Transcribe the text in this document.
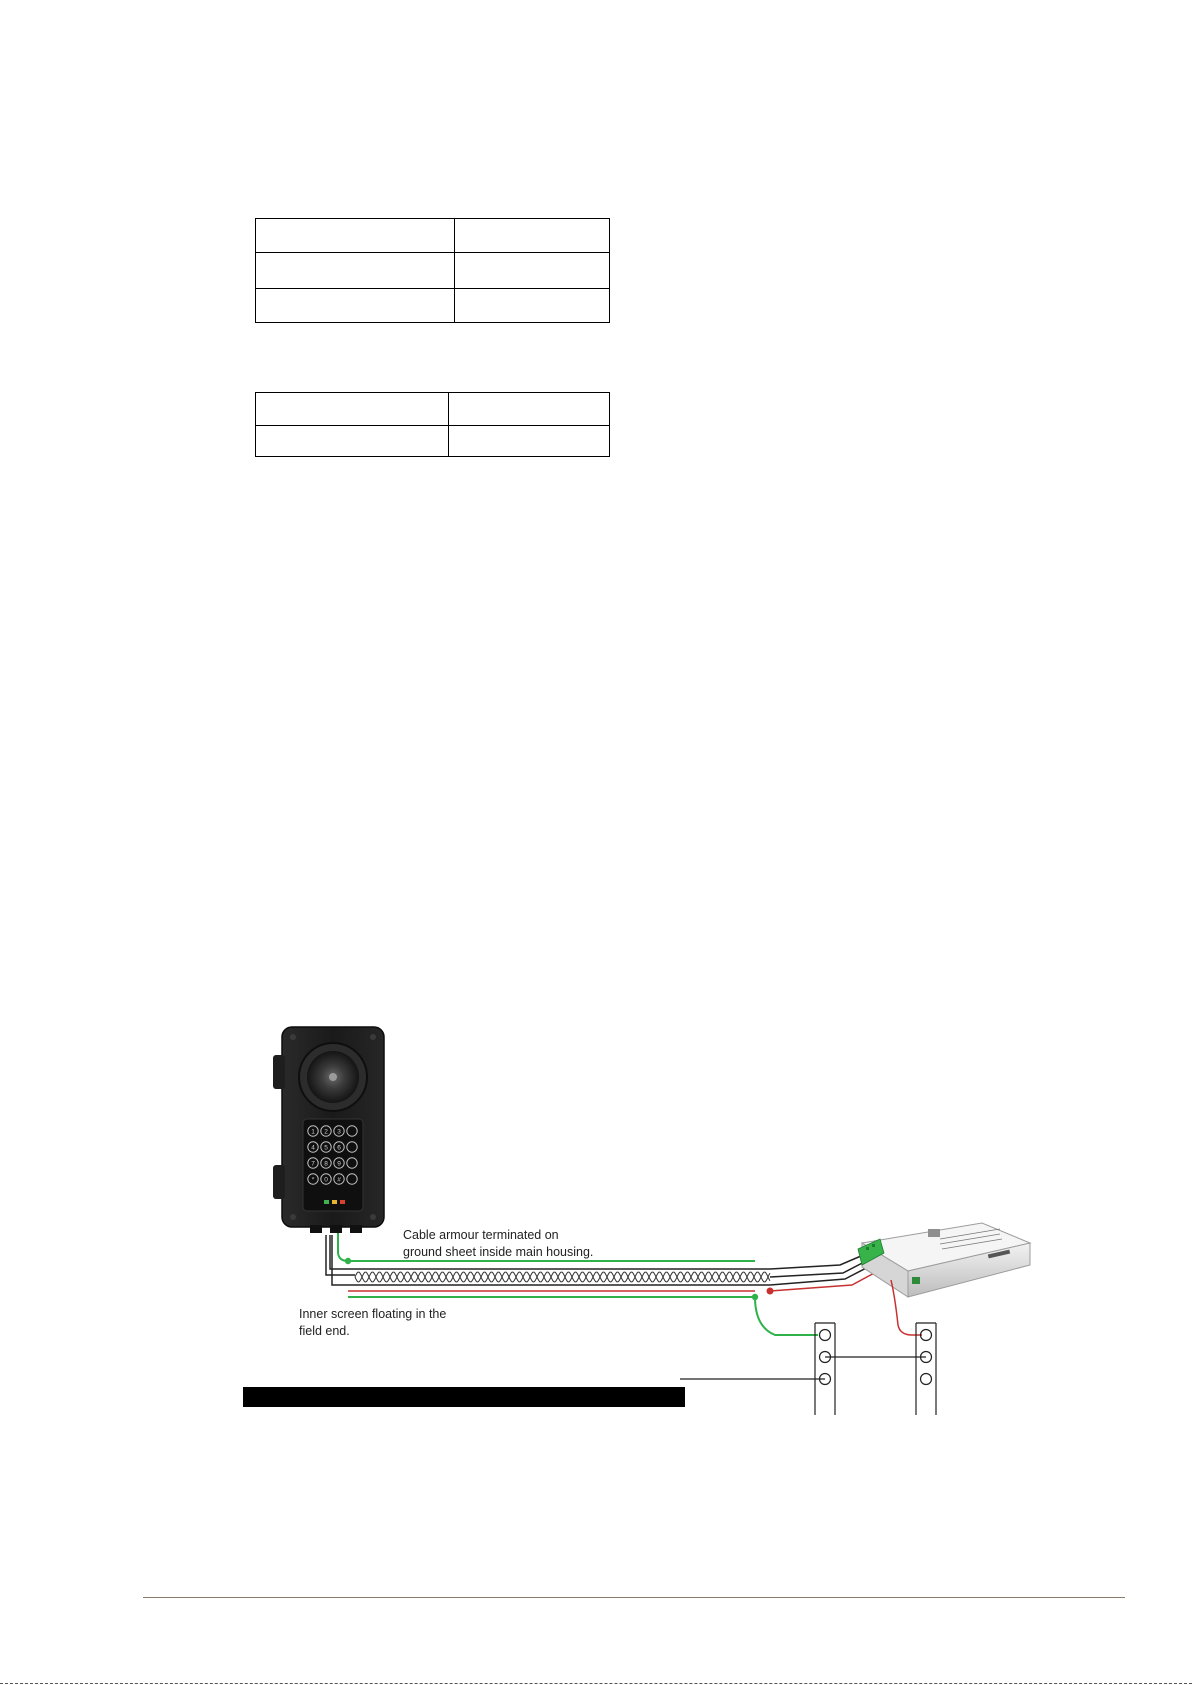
1 2 3
4 5 6
7 8 9
* 0 #

Cable armour terminated on
ground sheet inside main housing.

Inner screen floating in the
field end.
